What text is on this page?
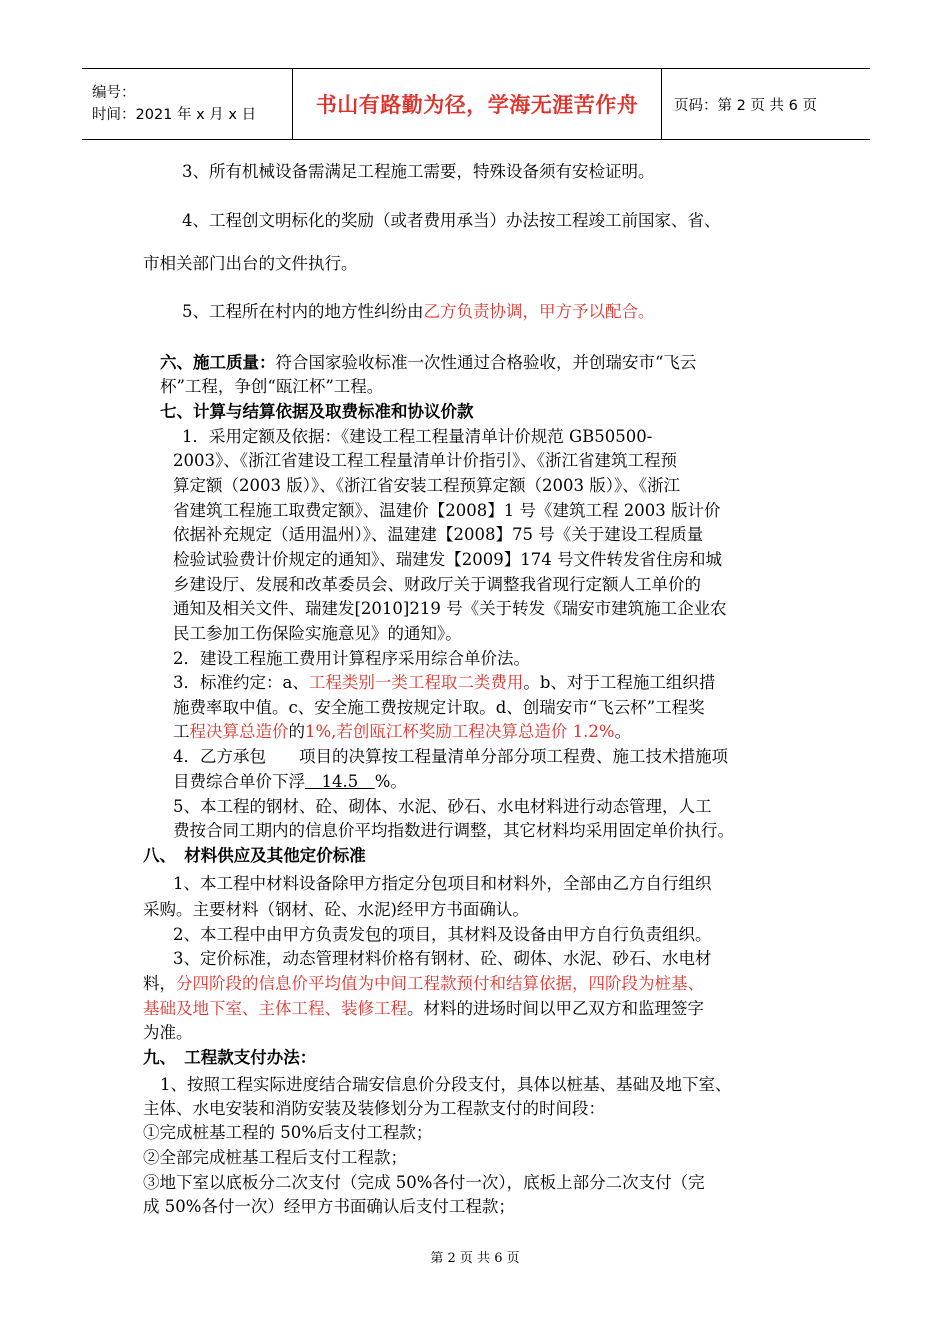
编号：
时间：2021 年 x 月 x 日	书山有路勤为径，学海无涯苦作舟 页码：第 2 页 共 6 页
3、所有机械设备需满足工程施工需要，特殊设备须有安检证明。
4、工程创文明标化的奖励（或者费用承当）办法按工程竣工前国家、省、
市相关部门出台的文件执行。
5、工程所在村内的地方性纠纷由乙方负责协调，甲方予以配合。
六、施工质量：符合国家验收标准一次性通过合格验收，并创瑞安市“飞云
杯”工程，争创“瓯江杯”工程。
七、计算与结算依据及取费标准和协议价款
1．采用定额及依据：《建设工程工程量清单计价规范 GB50500-
2003》、《浙江省建设工程工程量清单计价指引》、《浙江省建筑工程预
算定额（2003 版）》、《浙江省安装工程预算定额（2003 版）》、《浙江
省建筑工程施工取费定额》、温建价【2008】1 号《建筑工程 2003 版计价
依据补充规定（适用温州）》、温建建【2008】75 号《关于建设工程质量
检验试验费计价规定的通知》、瑞建发【2009】174 号文件转发省住房和城
乡建设厅、发展和改革委员会、财政厅关于调整我省现行定额人工单价的
通知及相关文件、瑞建发[2010]219 号《关于转发《瑞安市建筑施工企业农
民工参加工伤保险实施意见》的通知》。
2．建设工程施工费用计算程序采用综合单价法。
3．标准约定：a、工程类别一类工程取二类费用。b、对于工程施工组织措
施费率取中值。c、安全施工费按规定计取。d、创瑞安市“飞云杯”工程奖
工程决算总造价的1%,若创瓯江杯奖励工程决算总造价 1.2%。
4．乙方承包　　项目的决算按工程量清单分部分项工程费、施工技术措施项
目费综合单价下浮　14.5　%。
5、本工程的钢材、砼、砌体、水泥、砂石、水电材料进行动态管理，人工
费按合同工期内的信息价平均指数进行调整，其它材料均采用固定单价执行。
八、　材料供应及其他定价标准
1、本工程中材料设备除甲方指定分包项目和材料外，全部由乙方自行组织
采购。主要材料（钢材、砼、水泥)经甲方书面确认。
2、本工程中由甲方负责发包的项目，其材料及设备由甲方自行负责组织。
3、定价标准，动态管理材料价格有钢材、砼、砌体、水泥、砂石、水电材
料，分四阶段的信息价平均值为中间工程款预付和结算依据，四阶段为桩基、
基础及地下室、主体工程、装修工程。材料的进场时间以甲乙双方和监理签字
为准。
九、　工程款支付办法：
1、按照工程实际进度结合瑞安信息价分段支付，具体以桩基、基础及地下室、
主体、水电安装和消防安装及装修划分为工程款支付的时间段：
①完成桩基工程的 50%后支付工程款；
②全部完成桩基工程后支付工程款；
③地下室以底板分二次支付（完成 50%各付一次），底板上部分二次支付（完
成 50%各付一次）经甲方书面确认后支付工程款；
第 2 页 共 6 页
